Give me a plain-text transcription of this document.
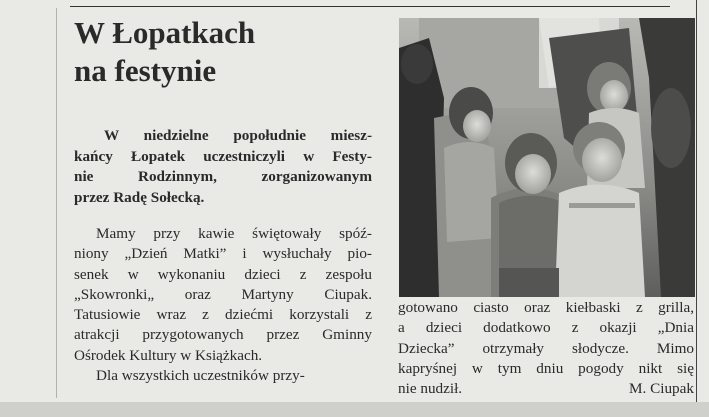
W Łopatkach
na festynie
W niedzielne popołudnie miesz-
kańcy Łopatek uczestniczyli w Festy-
nie Rodzinnym, zorganizowanym
przez Radę Sołecką.
Mamy przy kawie świętowały spóź-
niony „Dzień Matki” i wysłuchały pio-
senek w wykonaniu dzieci z zespołu
„Skowronki„ oraz Martyny Ciupak.
Tatusiowie wraz z dziećmi korzystali z
atrakcji przygotowanych przez Gminny
Ośrodek Kultury w Książkach.
Dla wszystkich uczestników przy-
gotowano ciasto oraz kiełbaski z grilla,
a dzieci dodatkowo z okazji „Dnia
Dziecka” otrzymały słodycze. Mimo
kapryśnej w tym dniu pogody nikt się
nie nudził.	M. Ciupak
